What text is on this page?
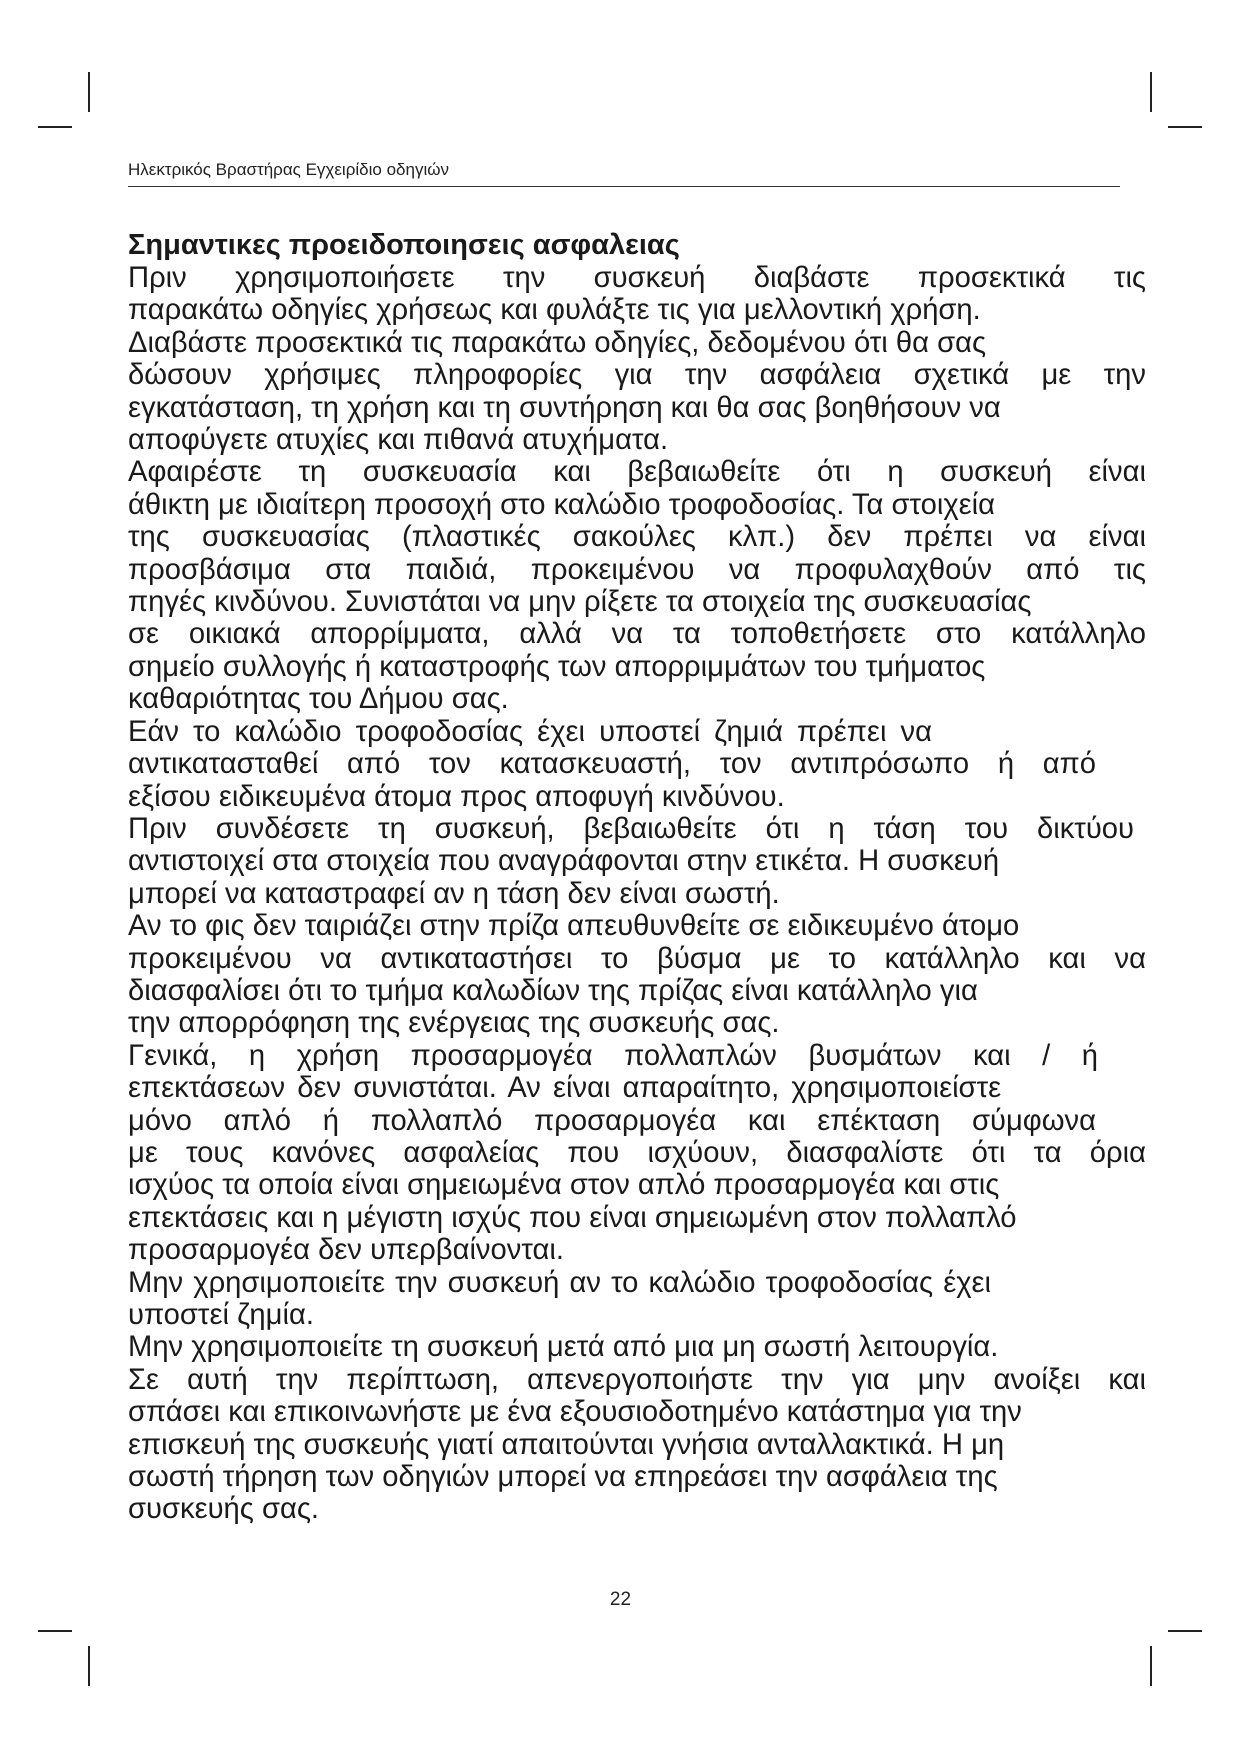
Ηλεκτρικός Βραστήρας Εγχειρίδιο οδηγιών
Σημαντικες προειδοποιησεις ασφαλειας
Πριν χρησιμοποιήσετε την συσκευή διαβάστε προσεκτικά τις
παρακάτω οδηγίες χρήσεως και φυλάξτε τις για μελλοντική χρήση.
Διαβάστε προσεκτικά τις παρακάτω οδηγίες, δεδομένου ότι θα σας
δώσουν χρήσιμες πληροφορίες για την ασφάλεια σχετικά με την
εγκατάσταση, τη χρήση και τη συντήρηση και θα σας βοηθήσουν να
αποφύγετε ατυχίες και πιθανά ατυχήματα.
Αφαιρέστε τη συσκευασία και βεβαιωθείτε ότι η συσκευή είναι
άθικτη με ιδιαίτερη προσοχή στο καλώδιο τροφοδοσίας. Τα στοιχεία
της συσκευασίας (πλαστικές σακούλες κλπ.) δεν πρέπει να είναι
προσβάσιμα στα παιδιά, προκειμένου να προφυλαχθούν από τις
πηγές κινδύνου. Συνιστάται να μην ρίξετε τα στοιχεία της συσκευασίας
σε οικιακά απορρίμματα, αλλά να τα τοποθετήσετε στο κατάλληλο
σημείο συλλογής ή καταστροφής των απορριμμάτων του τμήματος
καθαριότητας του Δήμου σας.
Εάν το καλώδιο τροφοδοσίας έχει υποστεί ζημιά πρέπει να
αντικατασταθεί από τον κατασκευαστή, τον αντιπρόσωπο ή από
εξίσου ειδικευμένα άτομα προς αποφυγή κινδύνου.
Πριν συνδέσετε τη συσκευή, βεβαιωθείτε ότι η τάση του δικτύου
αντιστοιχεί στα στοιχεία που αναγράφονται στην ετικέτα. Η συσκευή
μπορεί να καταστραφεί αν η τάση δεν είναι σωστή.
Αν το φις δεν ταιριάζει στην πρίζα απευθυνθείτε σε ειδικευμένο άτομο
προκειμένου να αντικαταστήσει το βύσμα με το κατάλληλο και να
διασφαλίσει ότι το τμήμα καλωδίων της πρίζας είναι κατάλληλο για
την απορρόφηση της ενέργειας της συσκευής σας.
Γενικά, η χρήση προσαρμογέα πολλαπλών βυσμάτων και / ή
επεκτάσεων δεν συνιστάται. Αν είναι απαραίτητο, χρησιμοποιείστε
μόνο απλό ή πολλαπλό προσαρμογέα και επέκταση σύμφωνα
με τους κανόνες ασφαλείας που ισχύουν, διασφαλίστε ότι τα όρια
ισχύος τα οποία είναι σημειωμένα στον απλό προσαρμογέα και στις
επεκτάσεις και η μέγιστη ισχύς που είναι σημειωμένη στον πολλαπλό
προσαρμογέα δεν υπερβαίνονται.
Μην χρησιμοποιείτε την συσκευή αν το καλώδιο τροφοδοσίας έχει
υποστεί ζημία.
Μην χρησιμοποιείτε τη συσκευή μετά από μια μη σωστή λειτουργία.
Σε αυτή την περίπτωση, απενεργοποιήστε την για μην ανοίξει και
σπάσει και επικοινωνήστε με ένα εξουσιοδοτημένο κατάστημα για την
επισκευή της συσκευής γιατί απαιτούνται γνήσια ανταλλακτικά. Η μη
σωστή τήρηση των οδηγιών μπορεί να επηρεάσει την ασφάλεια της
συσκευής σας.
22
